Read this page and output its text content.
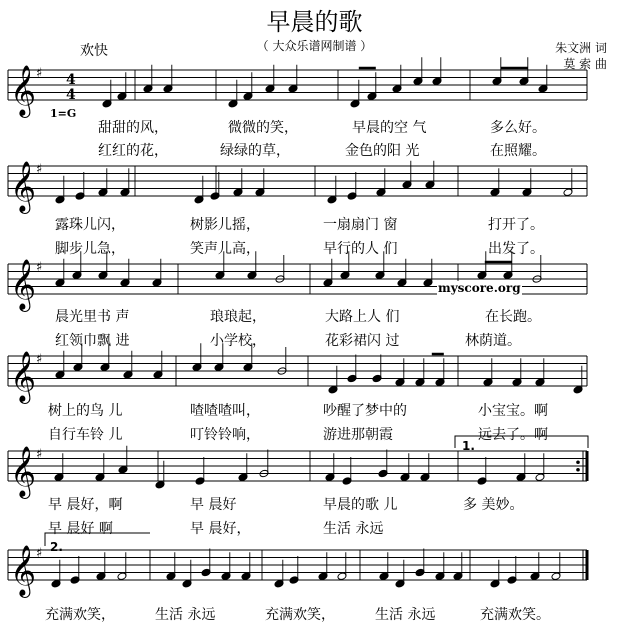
早晨的歌
（ 大众乐谱网制谱 ）
欢快	朱文洲 词
莫 索 曲
𝄞 ♯
𝄞 ♯
𝄞 ♯
𝄞 ♯
𝄞 ♯
𝄞 ♯
4
4
1.
2.
1=G
myscore.org
甜甜的风，	微微的笑，	早晨的空 气	多么好。
红红的花，	绿绿的草，	金色的阳 光	在照耀。
露珠儿闪，	树影儿摇，	一扇扇门 窗	打开了。
脚步儿急，	笑声儿高，	早行的人 们	出发了。
晨光里书 声	琅琅起，	大路上人 们	在长跑。
红领巾飘 进	小学校，	花彩裙闪 过	林荫道。
树上的鸟 儿	喳喳喳叫，	吵醒了梦中的	小宝宝。啊
自行车铃 儿	叮铃铃响，	游进那朝霞	远去了。啊
早 晨好，啊	早 晨好	早晨的歌 儿	多 美妙。
早 晨好 啊	早 晨好，	生活 永远
充满欢笑，	生活 永远	充满欢笑，	生活 永远	充满欢笑。
